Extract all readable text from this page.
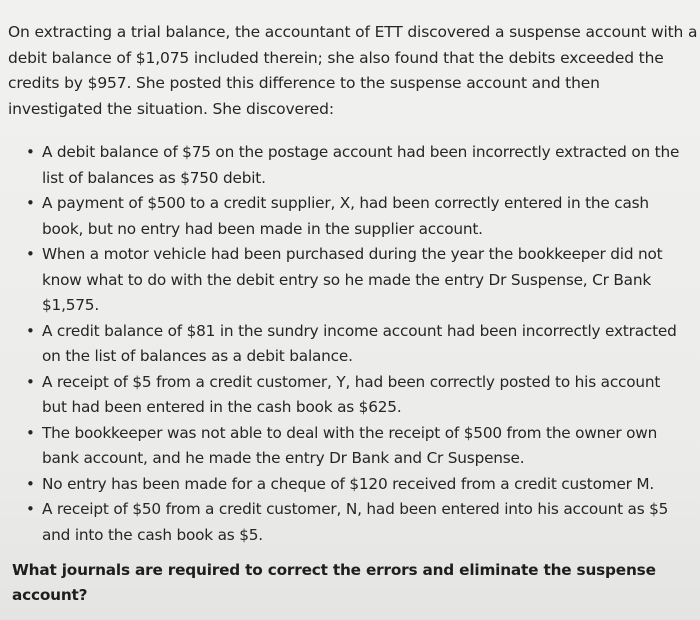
On extracting a trial balance, the accountant of ETT discovered a suspense account with a debit balance of $1,075 included therein; she also found that the debits exceeded the credits by $957. She posted this difference to the suspense account and then investigated the situation. She discovered:

• A debit balance of $75 on the postage account had been incorrectly extracted on the list of balances as $750 debit.
• A payment of $500 to a credit supplier, X, had been correctly entered in the cash book, but no entry had been made in the supplier account.
• When a motor vehicle had been purchased during the year the bookkeeper did not know what to do with the debit entry so he made the entry Dr Suspense, Cr Bank $1,575.
• A credit balance of $81 in the sundry income account had been incorrectly extracted on the list of balances as a debit balance.
• A receipt of $5 from a credit customer, Y, had been correctly posted to his account but had been entered in the cash book as $625.
• The bookkeeper was not able to deal with the receipt of $500 from the owner own bank account, and he made the entry Dr Bank and Cr Suspense.
• No entry has been made for a cheque of $120 received from a credit customer M.
• A receipt of $50 from a credit customer, N, had been entered into his account as $5 and into the cash book as $5.

What journals are required to correct the errors and eliminate the suspense account?
